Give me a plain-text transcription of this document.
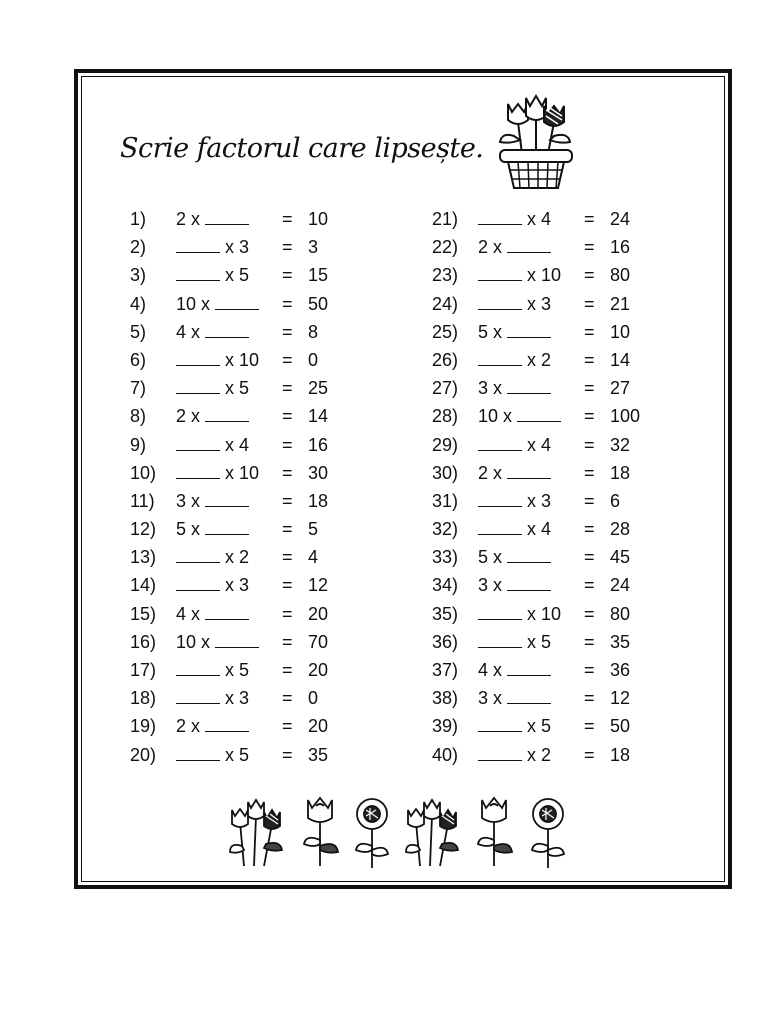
Scrie factorul care lipsește.
1) 2 x	= 10
2)	x 3 = 3
3)	x 5 = 15
4) 10 x	= 50
5) 4 x	= 8
6)	x 10 = 0
7)	x 5 = 25
8) 2 x	= 14
9)	x 4 = 16
10)	x 10 = 30
11) 3 x	= 18
12) 5 x	= 5
13)	x 2 = 4
14)	x 3 = 12
15) 4 x	= 20
16) 10 x	= 70
17)	x 5 = 20
18)	x 3 = 0
19) 2 x	= 20
20)	x 5 = 35
21)	x 4 = 24
22) 2 x	= 16
23)	x 10 = 80
24)	x 3 = 21
25) 5 x	= 10
26)	x 2 = 14
27) 3 x	= 27
28) 10 x	= 100
29)	x 4 = 32
30) 2 x	= 18
31)	x 3 = 6
32)	x 4 = 28
33) 5 x	= 45
34) 3 x	= 24
35)	x 10 = 80
36)	x 5 = 35
37) 4 x	= 36
38) 3 x	= 12
39)	x 5 = 50
40)	x 2 = 18
